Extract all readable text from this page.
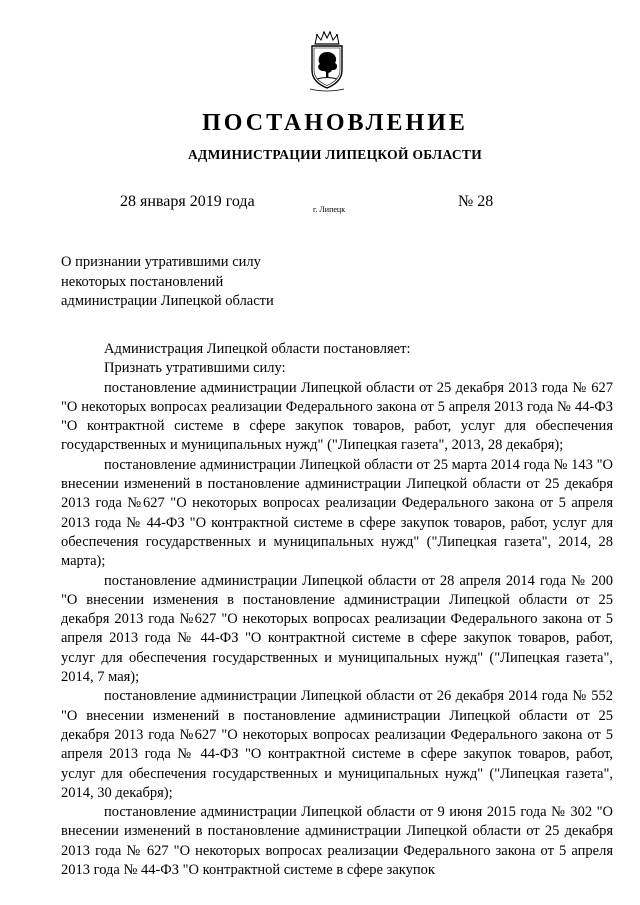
ПОСТАНОВЛЕНИЕ
АДМИНИСТРАЦИИ ЛИПЕЦКОЙ ОБЛАСТИ
28 января 2019 года	г. Липецк	№ 28
О признании утратившими силу
некоторых постановлений
администрации Липецкой области

Администрация Липецкой области постановляет:

Признать утратившими силу:

постановление администрации Липецкой области от 25 декабря 2013 года № 627 "О некоторых вопросах реализации Федерального закона от 5 апреля 2013 года № 44-ФЗ "О контрактной системе в сфере закупок товаров, работ, услуг для обеспечения государственных и муниципальных нужд" ("Липецкая газета", 2013, 28 декабря);

постановление администрации Липецкой области от 25 марта 2014 года № 143 "О внесении изменений в постановление администрации Липецкой области от 25 декабря 2013 года №627 "О некоторых вопросах реализации Федерального закона от 5 апреля 2013 года № 44-ФЗ "О контрактной системе в сфере закупок товаров, работ, услуг для обеспечения государственных и муниципальных нужд" ("Липецкая газета", 2014, 28 марта);

постановление администрации Липецкой области от 28 апреля 2014 года № 200 "О внесении изменения в постановление администрации Липецкой области от 25 декабря 2013 года №627 "О некоторых вопросах реализации Федерального закона от 5 апреля 2013 года № 44-ФЗ "О контрактной системе в сфере закупок товаров, работ, услуг для обеспечения государственных и муниципальных нужд" ("Липецкая газета", 2014, 7 мая);

постановление администрации Липецкой области от 26 декабря 2014 года № 552 "О внесении изменений в постановление администрации Липецкой области от 25 декабря 2013 года №627 "О некоторых вопросах реализации Федерального закона от 5 апреля 2013 года № 44-ФЗ "О контрактной системе в сфере закупок товаров, работ, услуг для обеспечения государственных и муниципальных нужд" ("Липецкая газета", 2014, 30 декабря);

постановление администрации Липецкой области от 9 июня 2015 года № 302 "О внесении изменений в постановление администрации Липецкой области от 25 декабря 2013 года № 627 "О некоторых вопросах реализации Федерального закона от 5 апреля 2013 года № 44-ФЗ "О контрактной системе в сфере закупок
